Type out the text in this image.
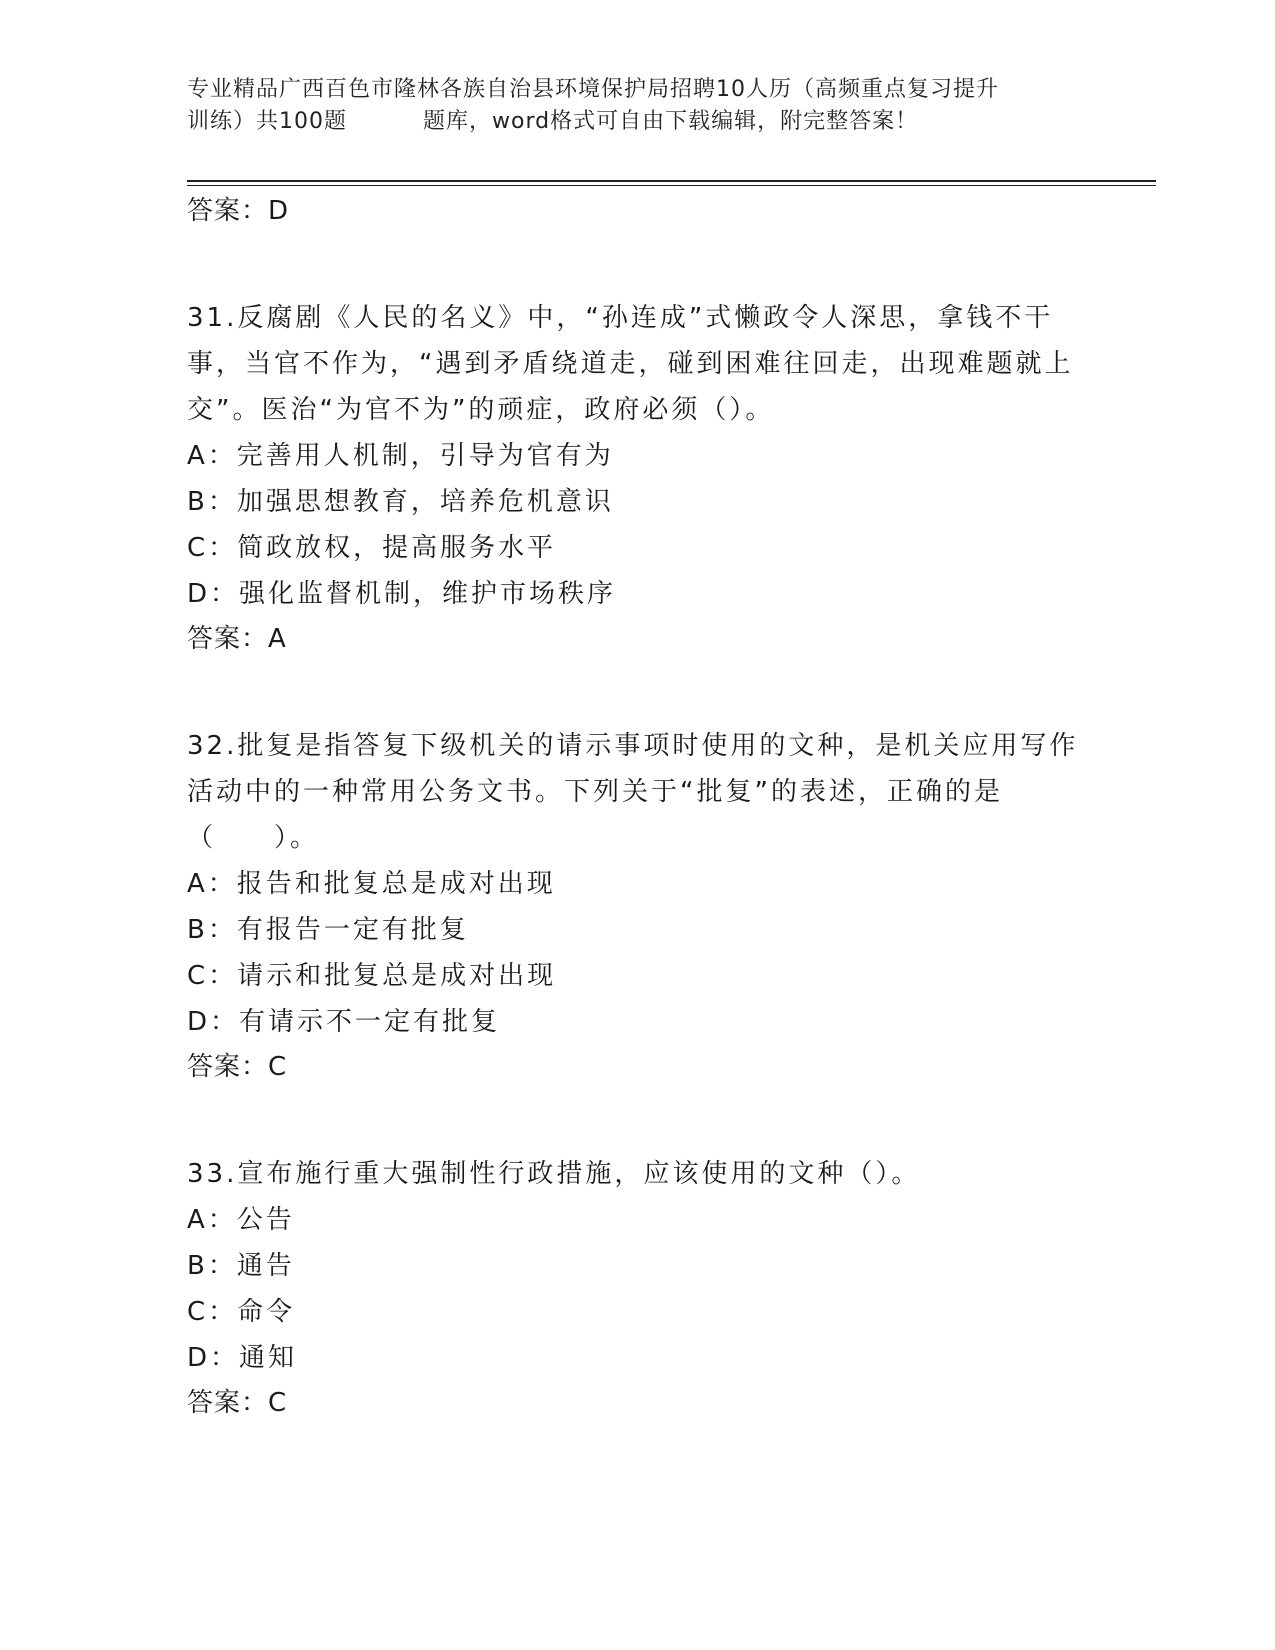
专业精品广西百色市隆林各族自治县环境保护局招聘10人历（高频重点复习提升
训练）共100题	题库，word格式可自由下载编辑，附完整答案！

答案：D

31.反腐剧《人民的名义》中，“孙连成”式懒政令人深思，拿钱不干事，当官不作为，“遇到矛盾绕道走，碰到困难往回走，出现难题就上交”。医治“为官不为”的顽症，政府必须（）。

A：完善用人机制，引导为官有为

B：加强思想教育，培养危机意识

C：简政放权，提高服务水平

D：强化监督机制，维护市场秩序

答案：A

32.批复是指答复下级机关的请示事项时使用的文种，是机关应用写作活动中的一种常用公务文书。下列关于“批复”的表述，正确的是（　　）。

A：报告和批复总是成对出现

B：有报告一定有批复

C：请示和批复总是成对出现

D：有请示不一定有批复

答案：C

33.宣布施行重大强制性行政措施，应该使用的文种（）。

A：公告

B：通告

C：命令

D：通知

答案：C
